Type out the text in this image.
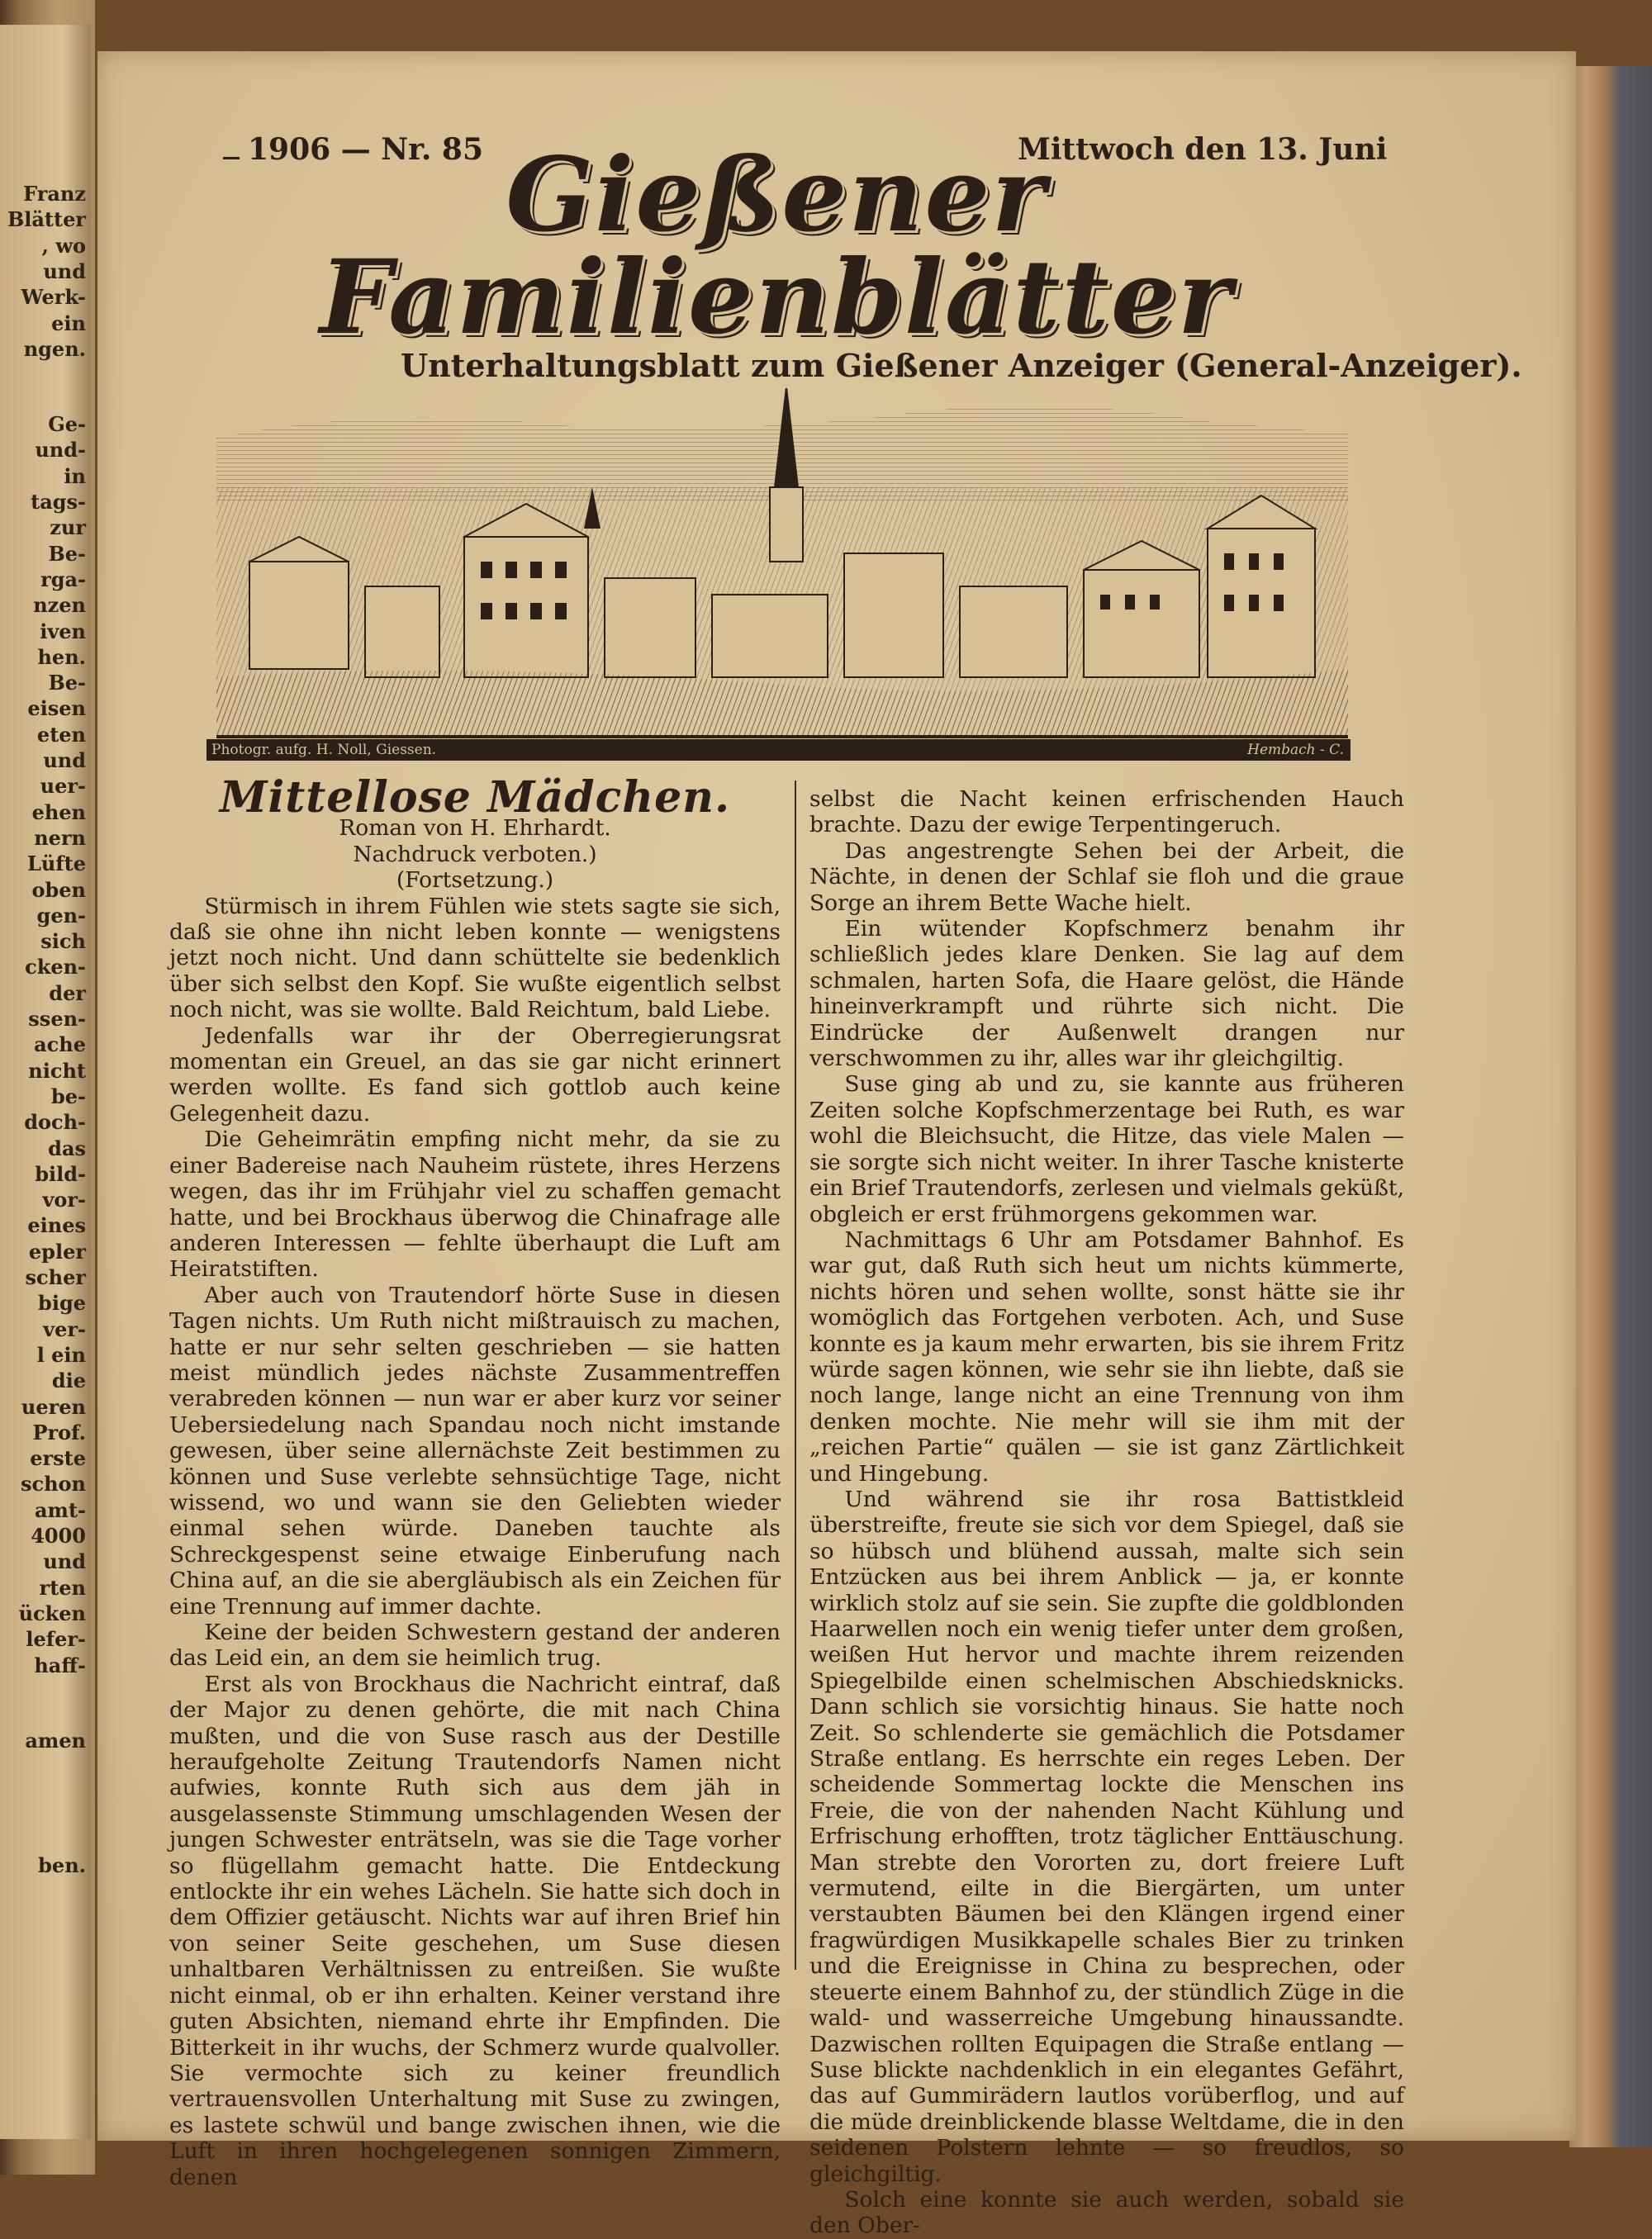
Franz
Blätter
, wo
und
Werk-
ein
ngen.
Ge-
und-
in
tags-
zur
Be-
rga-
nzen
iven
hen.
Be-
eisen
eten
und
uer-
ehen
nern
Lüfte
oben
gen-
sich
cken-
der
ssen-
ache
nicht
be-
doch-
das
bild-
vor-
eines
epler
scher
bige
ver-
l ein
die
ueren
Prof.
erste
schon
amt-
4000
und
rten
ücken
lefer-
haff-
amen
ben.
1906 — Nr. 85	Mittwoch den 13. Juni
Gießener Familienblätter
Unterhaltungsblatt zum Gießener Anzeiger (General-Anzeiger).
Photogr. aufg. H. Noll, Giessen.	Hembach - C.

Mittellose Mädchen.

Roman von H. Ehrhardt.

Nachdruck verboten.)

(Fortsetzung.)

Stürmisch in ihrem Fühlen wie stets sagte sie sich, daß sie ohne ihn nicht leben konnte — wenigstens jetzt noch nicht. Und dann schüttelte sie bedenklich über sich selbst den Kopf. Sie wußte eigentlich selbst noch nicht, was sie wollte. Bald Reichtum, bald Liebe.

Jedenfalls war ihr der Oberregierungsrat momentan ein Greuel, an das sie gar nicht erinnert werden wollte. Es fand sich gottlob auch keine Gelegenheit dazu.

Die Geheimrätin empfing nicht mehr, da sie zu einer Badereise nach Nauheim rüstete, ihres Herzens wegen, das ihr im Frühjahr viel zu schaffen gemacht hatte, und bei Brockhaus überwog die Chinafrage alle anderen Interessen — fehlte überhaupt die Luft am Heiratstiften.

Aber auch von Trautendorf hörte Suse in diesen Tagen nichts. Um Ruth nicht mißtrauisch zu machen, hatte er nur sehr selten geschrieben — sie hatten meist mündlich jedes nächste Zusammentreffen verabreden können — nun war er aber kurz vor seiner Uebersiedelung nach Spandau noch nicht imstande gewesen, über seine allernächste Zeit bestimmen zu können und Suse verlebte sehnsüchtige Tage, nicht wissend, wo und wann sie den Geliebten wieder einmal sehen würde. Daneben tauchte als Schreckgespenst seine etwaige Einberufung nach China auf, an die sie abergläubisch als ein Zeichen für eine Trennung auf immer dachte.

Keine der beiden Schwestern gestand der anderen das Leid ein, an dem sie heimlich trug.

Erst als von Brockhaus die Nachricht eintraf, daß der Major zu denen gehörte, die mit nach China mußten, und die von Suse rasch aus der Destille heraufgeholte Zeitung Trautendorfs Namen nicht aufwies, konnte Ruth sich aus dem jäh in ausgelassenste Stimmung umschlagenden Wesen der jungen Schwester enträtseln, was sie die Tage vorher so flügellahm gemacht hatte. Die Entdeckung entlockte ihr ein wehes Lächeln. Sie hatte sich doch in dem Offizier getäuscht. Nichts war auf ihren Brief hin von seiner Seite geschehen, um Suse diesen unhaltbaren Verhältnissen zu entreißen. Sie wußte nicht einmal, ob er ihn erhalten. Keiner verstand ihre guten Absichten, niemand ehrte ihr Empfinden. Die Bitterkeit in ihr wuchs, der Schmerz wurde qualvoller. Sie vermochte sich zu keiner freundlich vertrauensvollen Unterhaltung mit Suse zu zwingen, es lastete schwül und bange zwischen ihnen, wie die Luft in ihren hochgelegenen sonnigen Zimmern, denen

selbst die Nacht keinen erfrischenden Hauch brachte. Dazu der ewige Terpentingeruch.

Das angestrengte Sehen bei der Arbeit, die Nächte, in denen der Schlaf sie floh und die graue Sorge an ihrem Bette Wache hielt.

Ein wütender Kopfschmerz benahm ihr schließlich jedes klare Denken. Sie lag auf dem schmalen, harten Sofa, die Haare gelöst, die Hände hineinverkrampft und rührte sich nicht. Die Eindrücke der Außenwelt drangen nur verschwommen zu ihr, alles war ihr gleichgiltig.

Suse ging ab und zu, sie kannte aus früheren Zeiten solche Kopfschmerzentage bei Ruth, es war wohl die Bleichsucht, die Hitze, das viele Malen — sie sorgte sich nicht weiter. In ihrer Tasche knisterte ein Brief Trautendorfs, zerlesen und vielmals geküßt, obgleich er erst frühmorgens gekommen war.

Nachmittags 6 Uhr am Potsdamer Bahnhof. Es war gut, daß Ruth sich heut um nichts kümmerte, nichts hören und sehen wollte, sonst hätte sie ihr womöglich das Fortgehen verboten. Ach, und Suse konnte es ja kaum mehr erwarten, bis sie ihrem Fritz würde sagen können, wie sehr sie ihn liebte, daß sie noch lange, lange nicht an eine Trennung von ihm denken mochte. Nie mehr will sie ihm mit der „reichen Partie“ quälen — sie ist ganz Zärtlichkeit und Hingebung.

Und während sie ihr rosa Battistkleid überstreifte, freute sie sich vor dem Spiegel, daß sie so hübsch und blühend aussah, malte sich sein Entzücken aus bei ihrem Anblick — ja, er konnte wirklich stolz auf sie sein. Sie zupfte die goldblonden Haarwellen noch ein wenig tiefer unter dem großen, weißen Hut hervor und machte ihrem reizenden Spiegelbilde einen schelmischen Abschiedsknicks. Dann schlich sie vorsichtig hinaus. Sie hatte noch Zeit. So schlenderte sie gemächlich die Potsdamer Straße entlang. Es herrschte ein reges Leben. Der scheidende Sommertag lockte die Menschen ins Freie, die von der nahenden Nacht Kühlung und Erfrischung erhofften, trotz täglicher Enttäuschung. Man strebte den Vororten zu, dort freiere Luft vermutend, eilte in die Biergärten, um unter verstaubten Bäumen bei den Klängen irgend einer fragwürdigen Musikkapelle schales Bier zu trinken und die Ereignisse in China zu besprechen, oder steuerte einem Bahnhof zu, der stündlich Züge in die wald- und wasserreiche Umgebung hinaussandte. Dazwischen rollten Equipagen die Straße entlang — Suse blickte nachdenklich in ein elegantes Gefährt, das auf Gummirädern lautlos vorüberflog, und auf die müde dreinblickende blasse Weltdame, die in den seidenen Polstern lehnte — so freudlos, so gleichgiltig.

Solch eine konnte sie auch werden, sobald sie den Ober-
